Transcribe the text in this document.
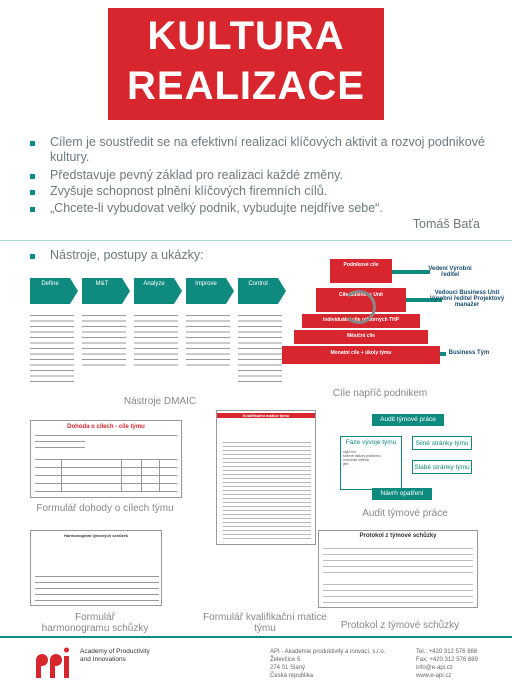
KULTURA
REALIZACE
Cílem je soustředit se na efektivní realizaci klíčových aktivit a rozvoj podnikové kultury.
Představuje pevný základ pro realizaci každé změny.
Zvyšuje schopnost plnění klíčových firemních cílů.
„Chcete-li vybudovat velký podnik, vybudujte nejdříve sebe“.
Tomáš Baťa
Nástroje, postupy a ukázky:
Define	M&T	Analyze	Improve	Control
Nástroje DMAIC
Podnikové cíle
Cíle Business Unit
Individuální cíle odborných THP
Měsíční cíle
Monatní cíle + úkoly týmu
Vedení Výrobní ředitel
Vedoucí Business Unit Výrobní ředitel Projektový manažer
Business Tým
Cíle napříč podnikem
Dohoda o cílech - cíle týmu
Formulář dohody o cílech týmu
Kvalifikační matice týmu
Formulář kvalifikační matice týmu
Audit týmové práce
Fáze vývoje týmu
stylo říci
sběrné faktory problému
hodnotící kritéria
jiné
Silné stránky týmu
Slabé stránky týmu
Návrh opatření
Audit týmové práce
Harmonogram týmových schůzek
Formulář harmonogramu schůzky
Protokol z týmové schůzky
Protokol z týmové schůzky
Academy of Productivity and Innovations
API - Akademie produktivity a inovací, s.r.o.
Želevčice 5
274 01 Slaný
Česká republika
Tel.: +420 312 576 888
Fax: +420 312 576 889
info@e-api.cz
www.e-api.cz
